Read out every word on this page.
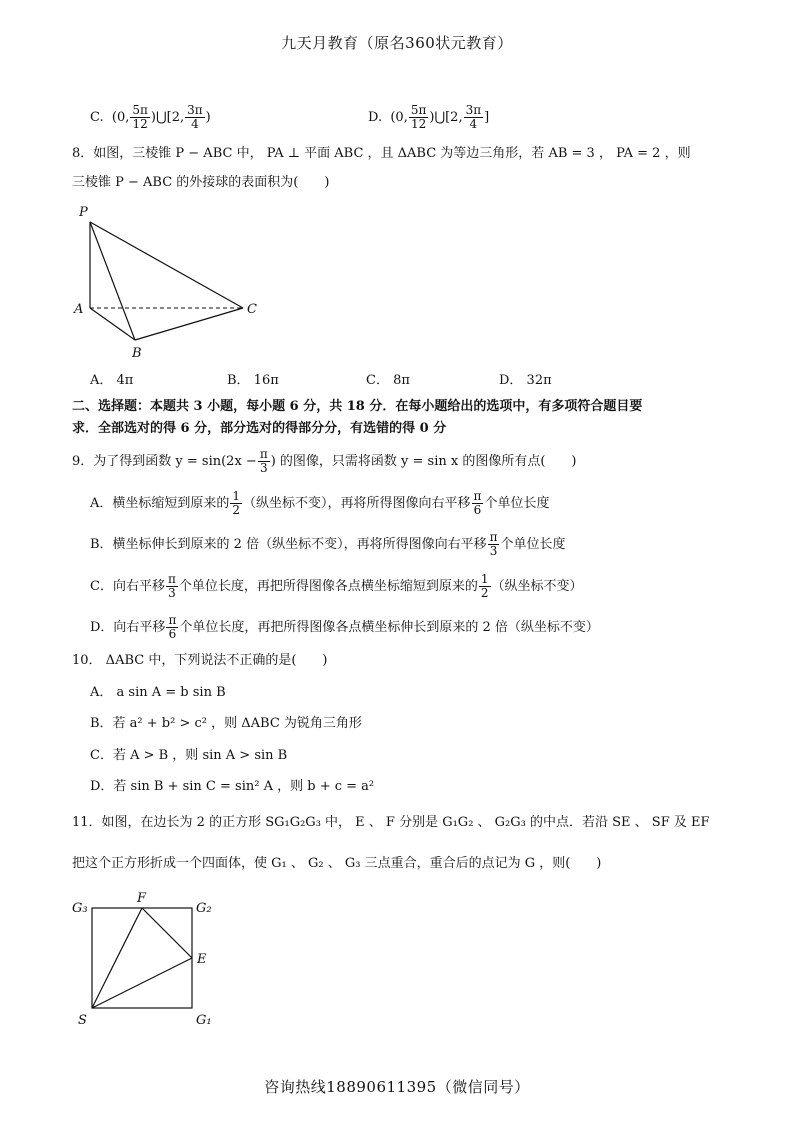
九天月教育（原名360状元教育）
C. (0, $\frac{5\pi}{12}$ )⋃[2, $\frac{3\pi}{4}$ )	D. (0, $\frac{5\pi}{12}$ )⋃[2, $\frac{3\pi}{4}$ ]
8．如图，三棱锥 P − ABC 中， PA ⊥ 平面 ABC ，且 ΔABC 为等边三角形，若 AB = 3 ， PA = 2 ，则
三棱锥 P − ABC 的外接球的表面积为(　　)
P
A
B
C
A． 4π	B． 16π	C． 8π	D． 32π
二、选择题：本题共 3 小题，每小题 6 分，共 18 分．在每小题给出的选项中，有多项符合题目要
求．全部选对的得 6 分，部分选对的得部分分，有选错的得 0 分
9．为了得到函数 $y = \sin(2x - \frac{\pi}{3}$ ) 的图像，只需将函数 y = sin x 的图像所有点(　　)
A．横坐标缩短到原来的 $\frac{1}{2}$ （纵坐标不变），再将所得图像向右平移 $\frac{\pi}{6}$ 个单位长度
B．横坐标伸长到原来的 2 倍（纵坐标不变），再将所得图像向右平移 $\frac{\pi}{3}$ 个单位长度
C．向右平移 $\frac{\pi}{3}$ 个单位长度，再把所得图像各点横坐标缩短到原来的 $\frac{1}{2}$ （纵坐标不变）
D．向右平移 $\frac{\pi}{6}$ 个单位长度，再把所得图像各点横坐标伸长到原来的 2 倍（纵坐标不变）
10． ΔABC 中，下列说法不正确的是(　　)
A． a sin A = b sin B
B．若 a² + b² > c² ，则 ΔABC 为锐角三角形
C．若 A > B ，则 sin A > sin B
D．若 sin B + sin C = sin² A ，则 b + c = a²
11．如图，在边长为 2 的正方形 SG₁G₂G₃ 中， E 、 F 分别是 G₁G₂ 、 G₂G₃ 的中点．若沿 SE 、 SF 及 EF
把这个正方形折成一个四面体，使 G₁ 、 G₂ 、 G₃ 三点重合，重合后的点记为 G ，则(　　)
G₃
F
G₂
E
S	G₁
咨询热线18890611395（微信同号）
